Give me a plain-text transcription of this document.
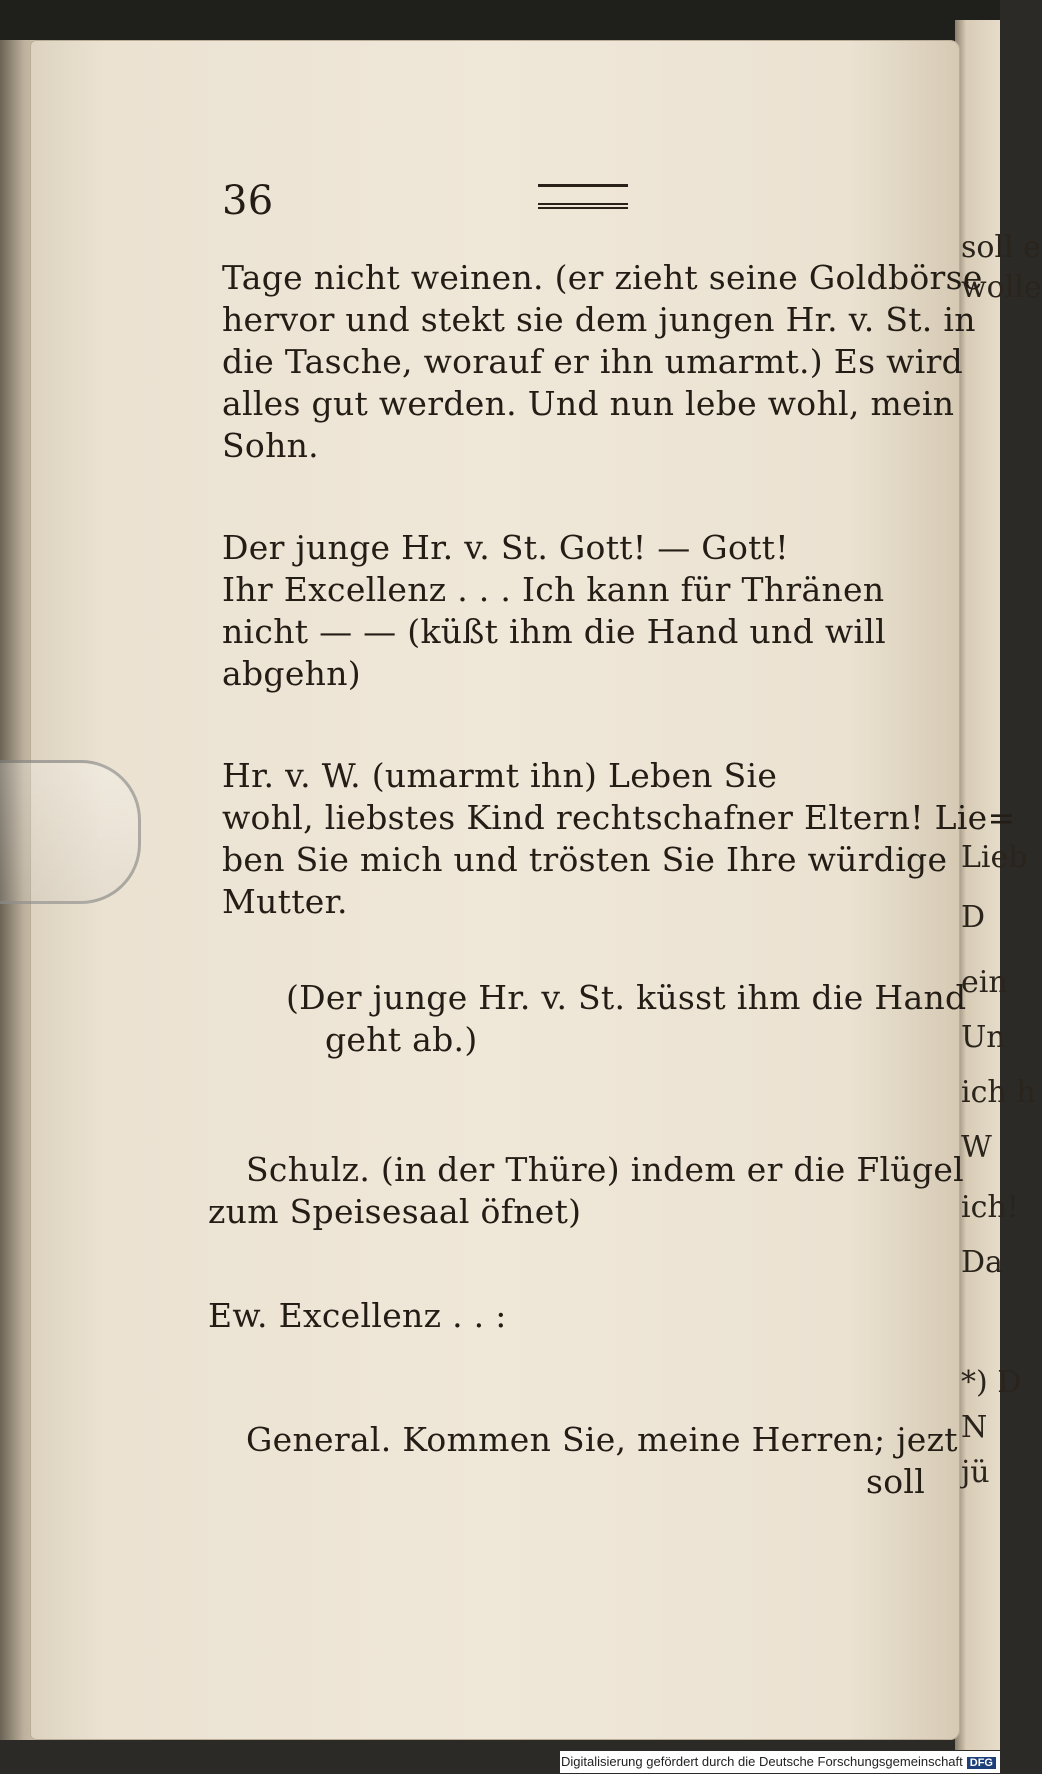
soll e
wolle
Lieb
D
ein
Un
ich h
W
ich!
Da
*) D
N
jü
36
Tage nicht weinen. (er zieht seine Goldbörse
hervor und stekt sie dem jungen Hr. v. St. in
die Tasche, worauf er ihn umarmt.) Es wird
alles gut werden. Und nun lebe wohl, mein
Sohn.
Der junge Hr. v. St. Gott! — Gott!
Ihr Excellenz . . . Ich kann für Thränen
nicht — — (küßt ihm die Hand und will
abgehn)
Hr. v. W. (umarmt ihn) Leben Sie
wohl, liebstes Kind rechtschafner Eltern! Lie=
ben Sie mich und trösten Sie Ihre würdige
Mutter.
(Der junge Hr. v. St. küsst ihm die Hand
geht ab.)
Schulz. (in der Thüre) indem er die Flügel
zum Speisesaal öfnet)
Ew. Excellenz . . :
General. Kommen Sie, meine Herren; jezt
soll
Digitalisierung gefördert durch die Deutsche Forschungsgemeinschaft DFG
